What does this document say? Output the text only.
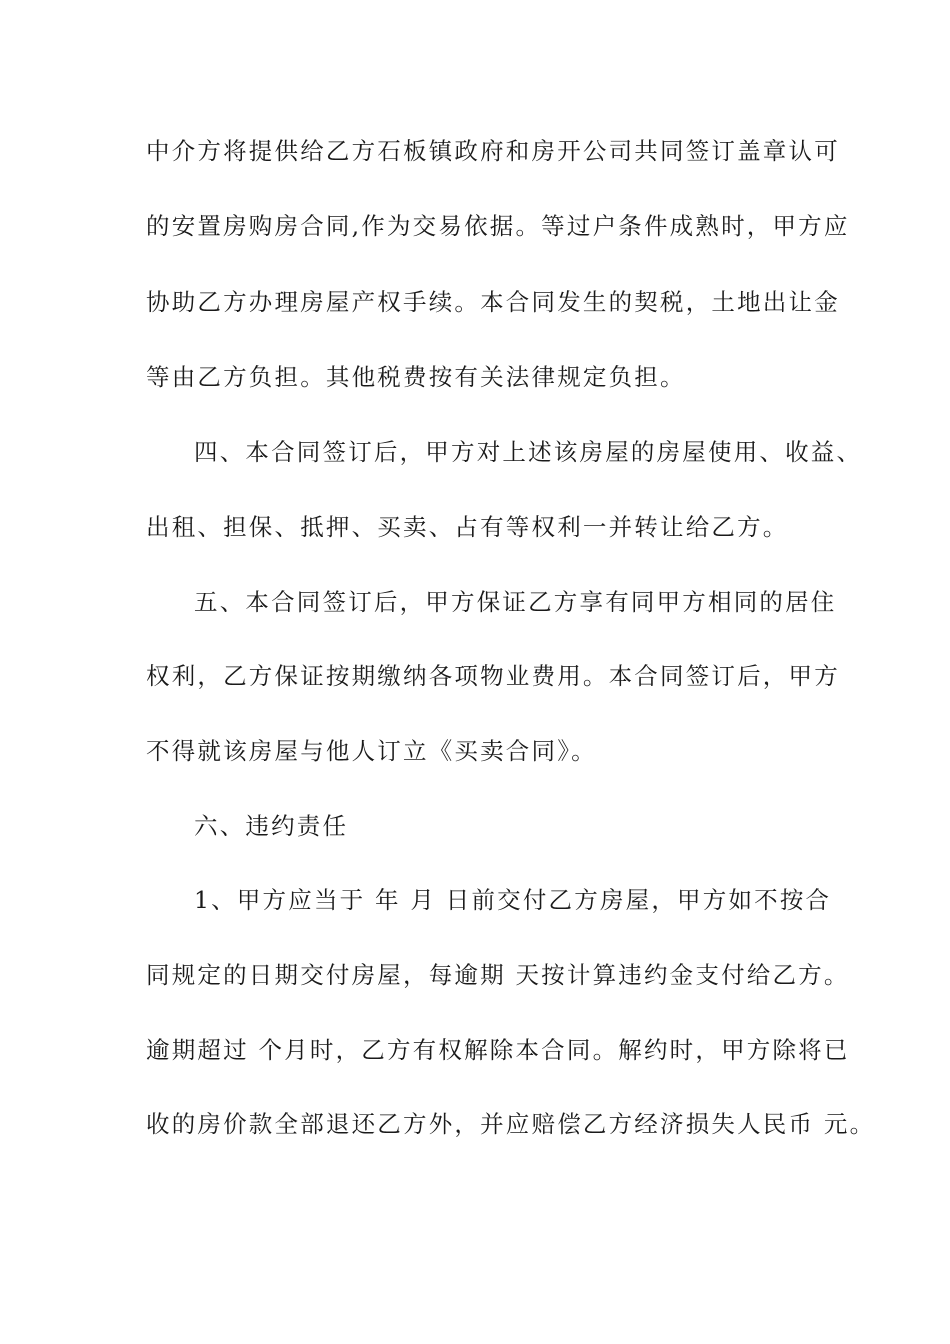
中介方将提供给乙方石板镇政府和房开公司共同签订盖章认可
的安置房购房合同,作为交易依据。等过户条件成熟时，甲方应
协助乙方办理房屋产权手续。本合同发生的契税，土地出让金
等由乙方负担。其他税费按有关法律规定负担。
四、本合同签订后，甲方对上述该房屋的房屋使用、收益、
出租、担保、抵押、买卖、占有等权利一并转让给乙方。
五、本合同签订后，甲方保证乙方享有同甲方相同的居住
权利，乙方保证按期缴纳各项物业费用。本合同签订后，甲方
不得就该房屋与他人订立《买卖合同》。
六、违约责任
1、甲方应当于 年 月 日前交付乙方房屋，甲方如不按合
同规定的日期交付房屋，每逾期 天按计算违约金支付给乙方。
逾期超过 个月时，乙方有权解除本合同。解约时，甲方除将已
收的房价款全部退还乙方外，并应赔偿乙方经济损失人民币 元。
